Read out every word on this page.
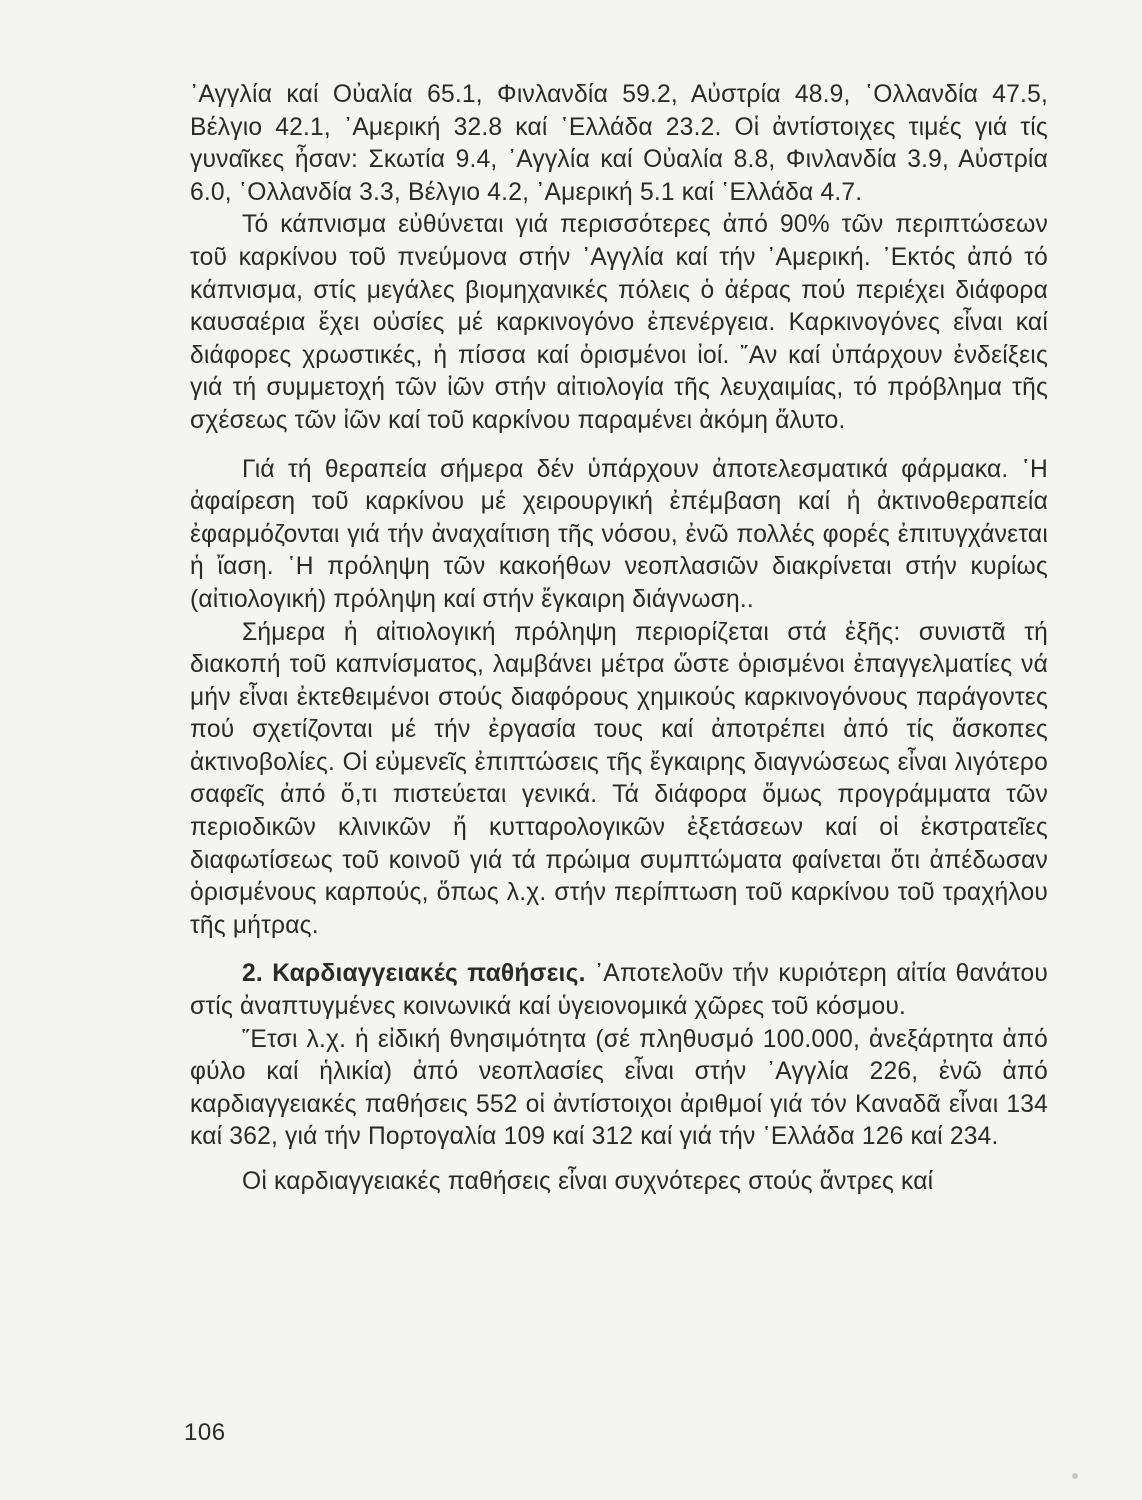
᾿Αγγλία καί Οὐαλία 65.1, Φινλανδία 59.2, Αὐστρία 48.9, ῾Ολλανδία 47.5, Βέλγιο 42.1, ᾿Αμερική 32.8 καί ῾Ελλάδα 23.2. Οἱ ἀντίστοιχες τιμές γιά τίς γυναῖκες ἦσαν: Σκωτία 9.4, ᾿Αγγλία καί Οὐαλία 8.8, Φινλανδία 3.9, Αὐστρία 6.0, ῾Ολλανδία 3.3, Βέλγιο 4.2, ᾿Αμερική 5.1 καί ῾Ελλάδα 4.7.

Τό κάπνισμα εὐθύνεται γιά περισσότερες ἀπό 90% τῶν περιπτώσεων τοῦ καρκίνου τοῦ πνεύμονα στήν ᾿Αγγλία καί τήν ᾿Αμερική. ᾿Εκτός ἀπό τό κάπνισμα, στίς μεγάλες βιομηχανικές πόλεις ὁ ἀέρας πού περιέχει διάφορα καυσαέρια ἔχει οὐσίες μέ καρκινογόνο ἐπενέργεια. Καρκινογόνες εἶναι καί διάφορες χρωστικές, ἡ πίσσα καί ὁρισμένοι ἰοί. ῎Αν καί ὑπάρχουν ἐνδείξεις γιά τή συμμετοχή τῶν ἰῶν στήν αἰτιολογία τῆς λευχαιμίας, τό πρόβλημα τῆς σχέσεως τῶν ἰῶν καί τοῦ καρκίνου παραμένει ἀκόμη ἄλυτο.

Γιά τή θεραπεία σήμερα δέν ὑπάρχουν ἀποτελεσματικά φάρμακα. ῾Η ἀφαίρεση τοῦ καρκίνου μέ χειρουργική ἐπέμβαση καί ἡ ἀκτινοθεραπεία ἐφαρμόζονται γιά τήν ἀναχαίτιση τῆς νόσου, ἐνῶ πολλές φορές ἐπιτυγχάνεται ἡ ἴαση. ῾Η πρόληψη τῶν κακοήθων νεοπλασιῶν διακρίνεται στήν κυρίως (αἰτιολογική) πρόληψη καί στήν ἔγκαιρη διάγνωση..

Σήμερα ἡ αἰτιολογική πρόληψη περιορίζεται στά ἑξῆς: συνιστᾶ τή διακοπή τοῦ καπνίσματος, λαμβάνει μέτρα ὥστε ὁρισμένοι ἐπαγγελματίες νά μήν εἶναι ἐκτεθειμένοι στούς διαφόρους χημικούς καρκινογόνους παράγοντες πού σχετίζονται μέ τήν ἐργασία τους καί ἀποτρέπει ἀπό τίς ἄσκοπες ἀκτινοβολίες. Οἱ εὐμενεῖς ἐπιπτώσεις τῆς ἔγκαιρης διαγνώσεως εἶναι λιγότερο σαφεῖς ἀπό ὅ,τι πιστεύεται γενικά. Τά διάφορα ὅμως προγράμματα τῶν περιοδικῶν κλινικῶν ἤ κυτταρολογικῶν ἐξετάσεων καί οἱ ἐκστρατεῖες διαφωτίσεως τοῦ κοινοῦ γιά τά πρώιμα συμπτώματα φαίνεται ὅτι ἀπέδωσαν ὁρισμένους καρπούς, ὅπως λ.χ. στήν περίπτωση τοῦ καρκίνου τοῦ τραχήλου τῆς μήτρας.

2. Καρδιαγγειακές παθήσεις. ᾿Αποτελοῦν τήν κυριότερη αἰτία θανάτου στίς ἀναπτυγμένες κοινωνικά καί ὑγειονομικά χῶρες τοῦ κόσμου.

῞Ετσι λ.χ. ἡ εἰδική θνησιμότητα (σέ πληθυσμό 100.000, ἀνεξάρτητα ἀπό φύλο καί ἡλικία) ἀπό νεοπλασίες εἶναι στήν ᾿Αγγλία 226, ἐνῶ ἀπό καρδιαγγειακές παθήσεις 552 οἱ ἀντίστοιχοι ἀριθμοί γιά τόν Καναδᾶ εἶναι 134 καί 362, γιά τήν Πορτογαλία 109 καί 312 καί γιά τήν ῾Ελλάδα 126 καί 234.

Οἱ καρδιαγγειακές παθήσεις εἶναι συχνότερες στούς ἄντρες καί

106
